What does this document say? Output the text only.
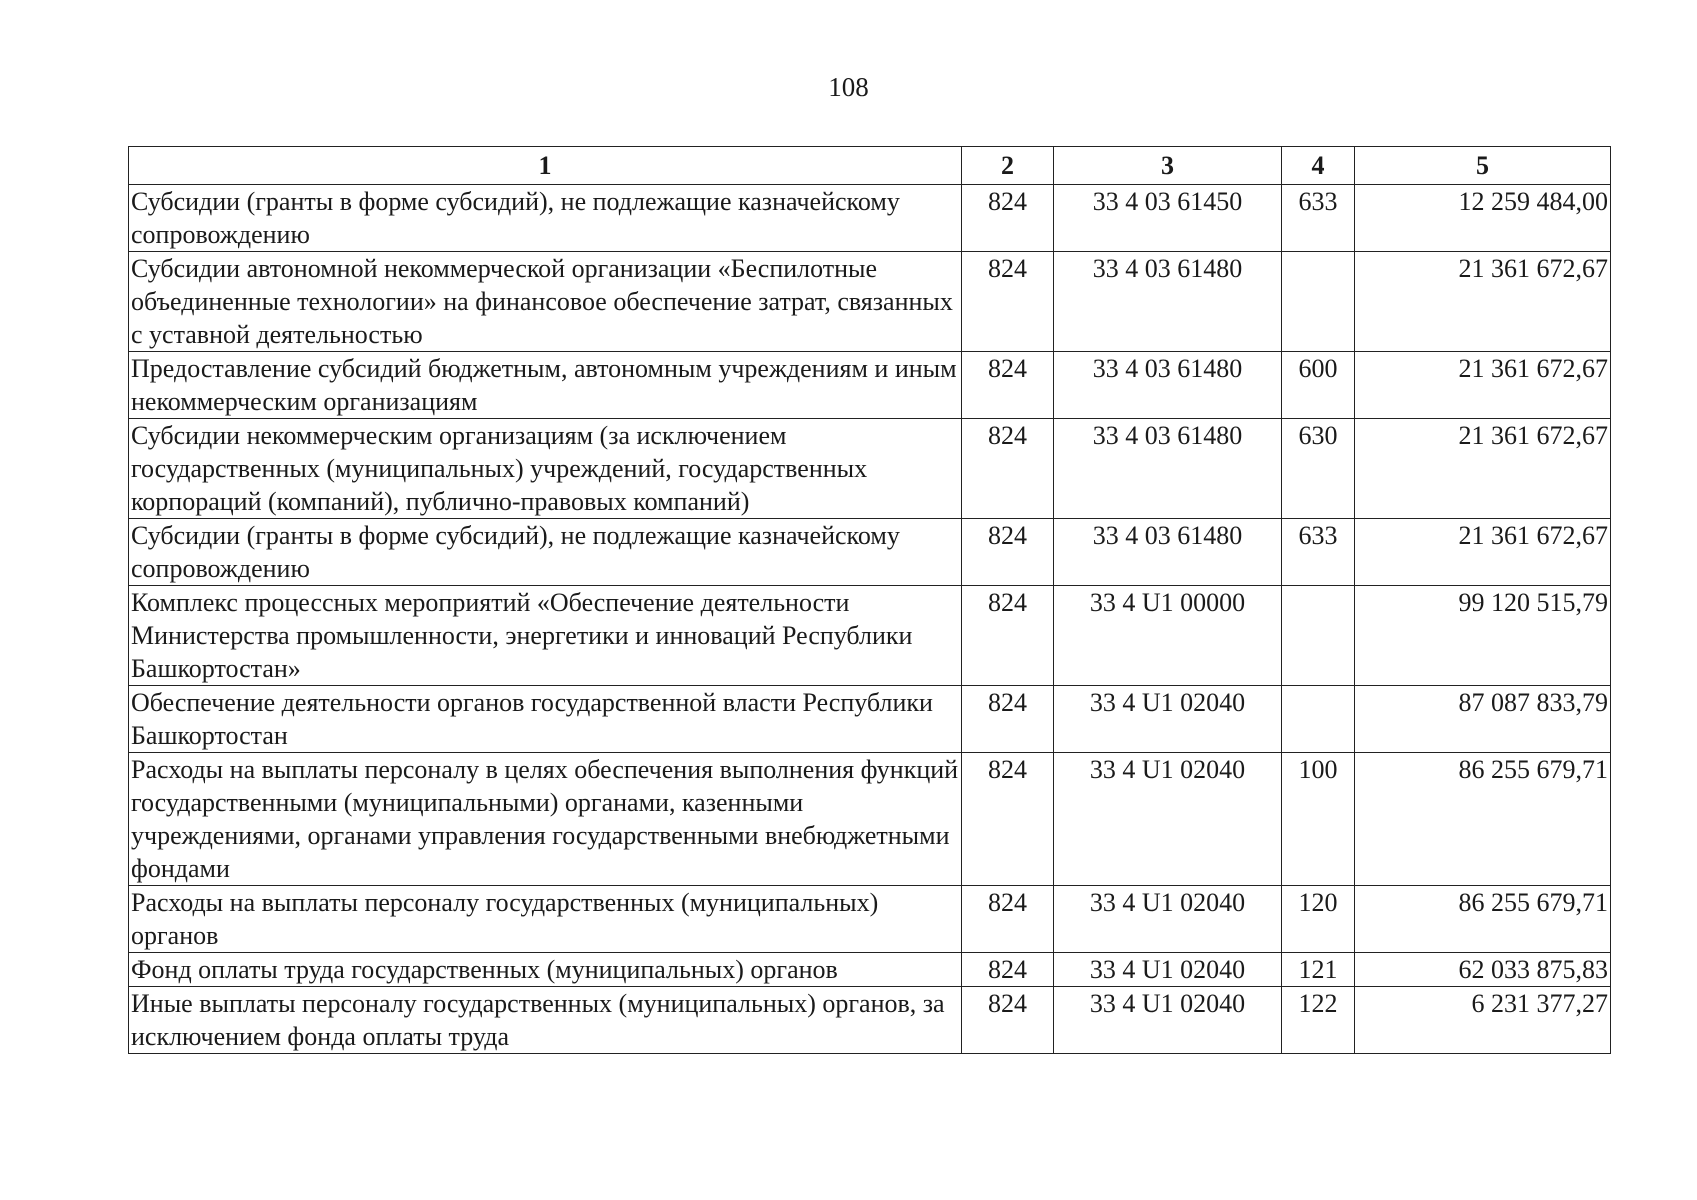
108
1	2	3	4	5
Субсидии (гранты в форме субсидий), не подлежащие казначейскому сопровождению	824	33 4 03 61450	633	12 259 484,00
Субсидии автономной некоммерческой организации «Беспилотные объединенные технологии» на финансовое обеспечение затрат, связанных с уставной деятельностью	824	33 4 03 61480		21 361 672,67
Предоставление субсидий бюджетным, автономным учреждениям и иным некоммерческим организациям	824	33 4 03 61480	600	21 361 672,67
Субсидии некоммерческим организациям (за исключением государственных (муниципальных) учреждений, государственных корпораций (компаний), публично-правовых компаний)	824	33 4 03 61480	630	21 361 672,67
Субсидии (гранты в форме субсидий), не подлежащие казначейскому сопровождению	824	33 4 03 61480	633	21 361 672,67
Комплекс процессных мероприятий «Обеспечение деятельности Министерства промышленности, энергетики и инноваций Республики Башкортостан»	824	33 4 U1 00000		99 120 515,79
Обеспечение деятельности органов государственной власти Республики Башкортостан	824	33 4 U1 02040		87 087 833,79
Расходы на выплаты персоналу в целях обеспечения выполнения функций государственными (муниципальными) органами, казенными учреждениями, органами управления государственными внебюджетными фондами	824	33 4 U1 02040	100	86 255 679,71
Расходы на выплаты персоналу государственных (муниципальных) органов	824	33 4 U1 02040	120	86 255 679,71
Фонд оплаты труда государственных (муниципальных) органов	824	33 4 U1 02040	121	62 033 875,83
Иные выплаты персоналу государственных (муниципальных) органов, за исключением фонда оплаты труда	824	33 4 U1 02040	122	6 231 377,27
